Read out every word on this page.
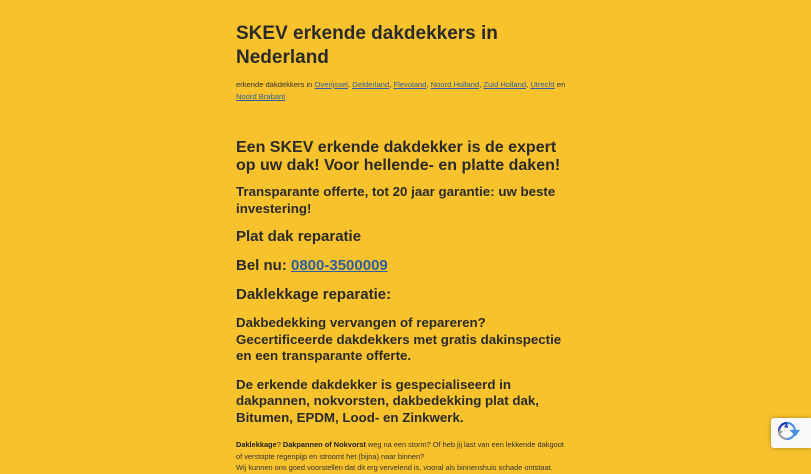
SKEV erkende dakdekkers in Nederland

erkende dakdekkers in Overijssel, Gelderland, Flevoland, Noord Holland, Zuid Holland, Utrecht en Noord Brabant

Een SKEV erkende dakdekker is de expert op uw dak! Voor hellende- en platte daken!
Transparante offerte, tot 20 jaar garantie: uw beste investering!
Plat dak reparatie
Bel nu: 0800-3500009
Daklekkage reparatie:
Dakbedekking vervangen of repareren?
Gecertificeerde dakdekkers met gratis dakinspectie en een transparante offerte.
De erkende dakdekker is gespecialiseerd in dakpannen, nokvorsten, dakbedekking plat dak, Bitumen, EPDM, Lood- en Zinkwerk.

Daklekkage? Dakpannen of Nokvorst weg na een storm? Of heb jij last van een lekkende dakgoot of verstopte regenpijp en stroomt het (bijna) naar binnen?
Wij kunnen ons goed voorstellen dat dit erg vervelend is, vooral als binnenshuis schade ontstaat.
